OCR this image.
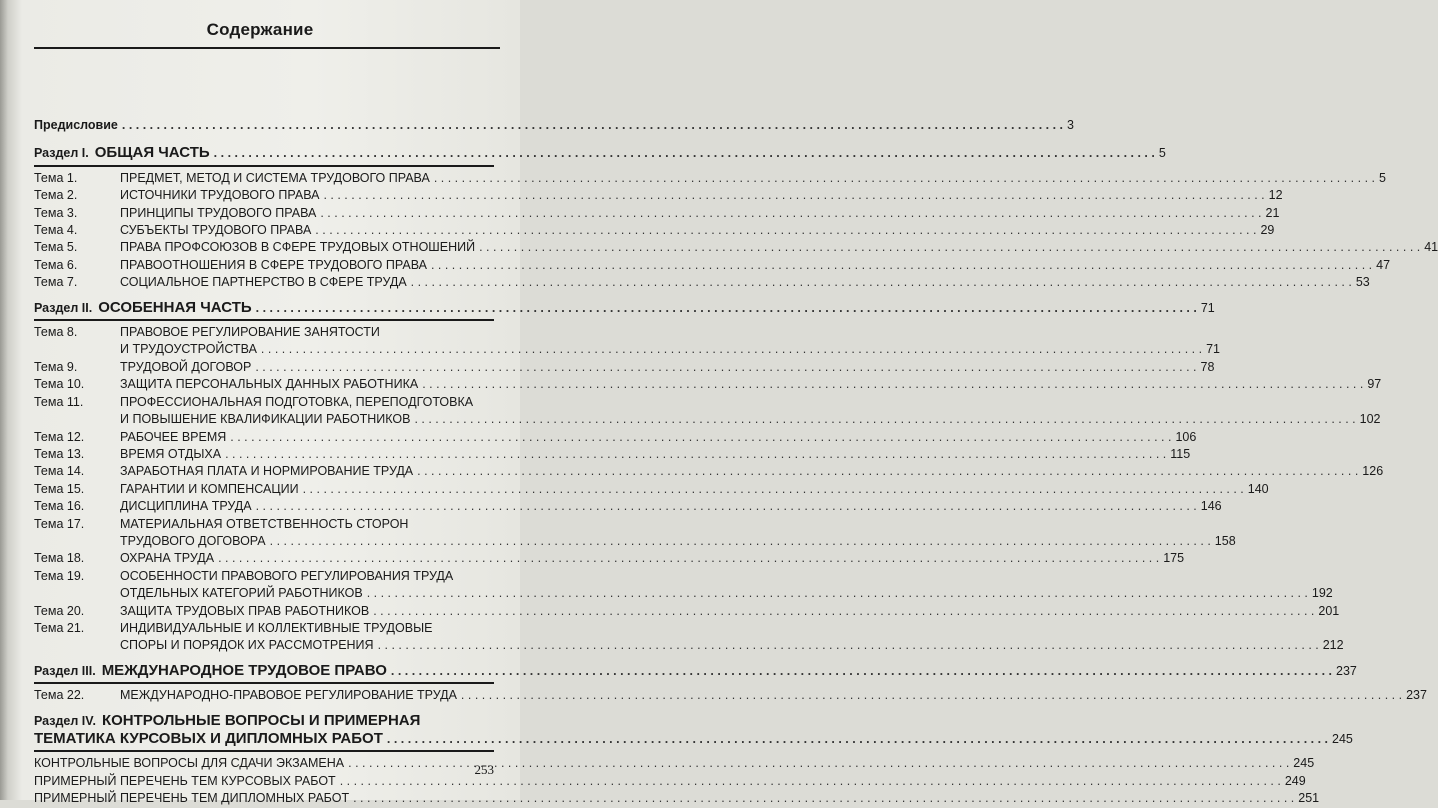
Содержание
Предисловие . . .	3
Раздел I. ОБЩАЯ ЧАСТЬ . . .	5
Тема 1.	ПРЕДМЕТ, МЕТОД И СИСТЕМА ТРУДОВОГО ПРАВА . . .	5
Тема 2.	ИСТОЧНИКИ ТРУДОВОГО ПРАВА . . .	12
Тема 3.	ПРИНЦИПЫ ТРУДОВОГО ПРАВА . . .	21
Тема 4.	СУБЪЕКТЫ ТРУДОВОГО ПРАВА . . .	29
Тема 5.	ПРАВА ПРОФСОЮЗОВ В СФЕРЕ ТРУДОВЫХ ОТНОШЕНИЙ . . .	41
Тема 6.	ПРАВООТНОШЕНИЯ В СФЕРЕ ТРУДОВОГО ПРАВА . . .	47
Тема 7.	СОЦИАЛЬНОЕ ПАРТНЕРСТВО В СФЕРЕ ТРУДА . . .	53
Раздел II. ОСОБЕННАЯ ЧАСТЬ . . .	71
Тема 8.	ПРАВОВОЕ РЕГУЛИРОВАНИЕ ЗАНЯТОСТИ
И ТРУДОУСТРОЙСТВА . . .	71
Тема 9.	ТРУДОВОЙ ДОГОВОР . . .	78
Тема 10.	ЗАЩИТА ПЕРСОНАЛЬНЫХ ДАННЫХ РАБОТНИКА . . .	97
Тема 11.	ПРОФЕССИОНАЛЬНАЯ ПОДГОТОВКА, ПЕРЕПОДГОТОВКА
И ПОВЫШЕНИЕ КВАЛИФИКАЦИИ РАБОТНИКОВ . . .	102
Тема 12.	РАБОЧЕЕ ВРЕМЯ . . .	106
Тема 13.	ВРЕМЯ ОТДЫХА . . .	115
Тема 14.	ЗАРАБОТНАЯ ПЛАТА И НОРМИРОВАНИЕ ТРУДА . . .	126
Тема 15.	ГАРАНТИИ И КОМПЕНСАЦИИ . . .	140
Тема 16.	ДИСЦИПЛИНА ТРУДА . . .	146
Тема 17.	МАТЕРИАЛЬНАЯ ОТВЕТСТВЕННОСТЬ СТОРОН
ТРУДОВОГО ДОГОВОРА . . .	158
Тема 18.	ОХРАНА ТРУДА . . .	175
Тема 19.	ОСОБЕННОСТИ ПРАВОВОГО РЕГУЛИРОВАНИЯ ТРУДА
ОТДЕЛЬНЫХ КАТЕГОРИЙ РАБОТНИКОВ . . .	192
Тема 20.	ЗАЩИТА ТРУДОВЫХ ПРАВ РАБОТНИКОВ . . .	201
Тема 21.	ИНДИВИДУАЛЬНЫЕ И КОЛЛЕКТИВНЫЕ ТРУДОВЫЕ
СПОРЫ И ПОРЯДОК ИХ РАССМОТРЕНИЯ . . .	212
Раздел III. МЕЖДУНАРОДНОЕ ТРУДОВОЕ ПРАВО . . .	237
Тема 22.	МЕЖДУНАРОДНО-ПРАВОВОЕ РЕГУЛИРОВАНИЕ ТРУДА . . .	237
Раздел IV. КОНТРОЛЬНЫЕ ВОПРОСЫ И ПРИМЕРНАЯ
ТЕМАТИКА КУРСОВЫХ И ДИПЛОМНЫХ РАБОТ . . .	245
КОНТРОЛЬНЫЕ ВОПРОСЫ ДЛЯ СДАЧИ ЭКЗАМЕНА . . .	245
ПРИМЕРНЫЙ ПЕРЕЧЕНЬ ТЕМ КУРСОВЫХ РАБОТ . . .	249
ПРИМЕРНЫЙ ПЕРЕЧЕНЬ ТЕМ ДИПЛОМНЫХ РАБОТ . . .	251
253
